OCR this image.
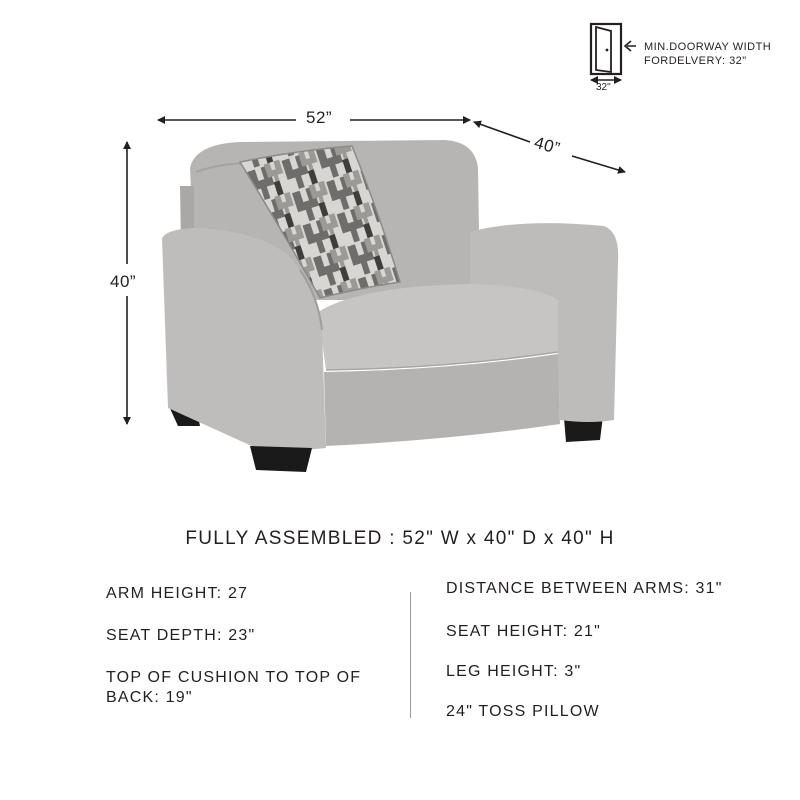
MIN.DOORWAY WIDTH
FORDELVERY: 32"
32"
52”
40”
40”
FULLY ASSEMBLED : 52" W x 40" D x 40" H
ARM HEIGHT: 27
SEAT DEPTH: 23"
TOP OF CUSHION TO TOP OF BACK: 19"
DISTANCE BETWEEN ARMS: 31"
SEAT HEIGHT: 21"
LEG HEIGHT: 3"
24" TOSS PILLOW
